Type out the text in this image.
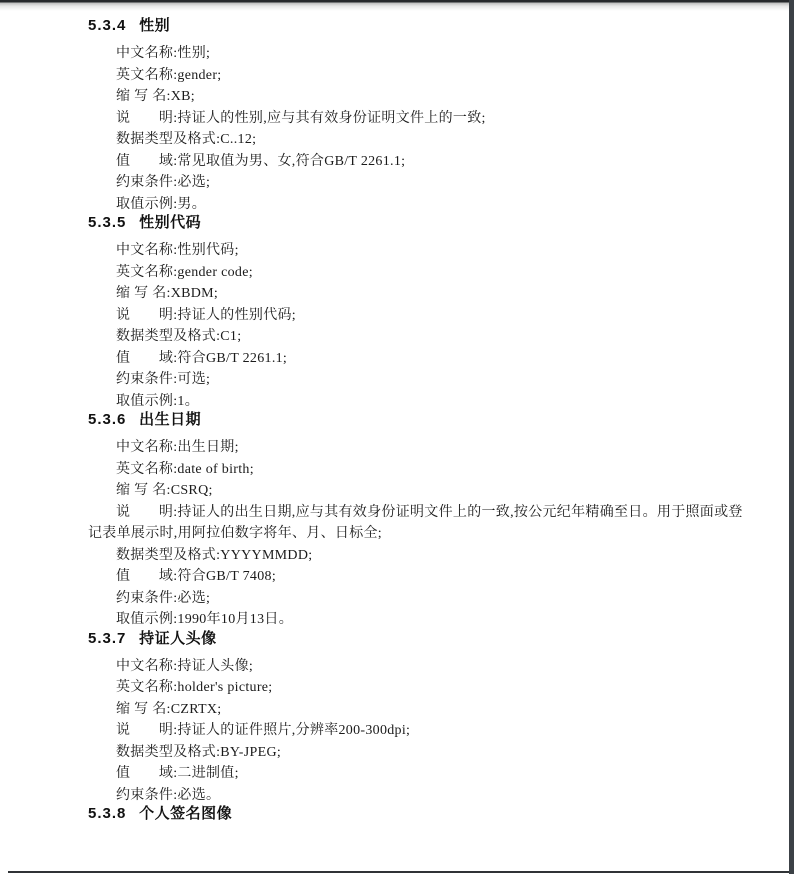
5.3.4 性别

中文名称:性别;

英文名称:gender;

缩 写 名:XB;

说　　明:持证人的性别,应与其有效身份证明文件上的一致;

数据类型及格式:C..12;

值　　域:常见取值为男、女,符合GB/T 2261.1;

约束条件:必选;

取值示例:男。

5.3.5 性别代码

中文名称:性别代码;

英文名称:gender code;

缩 写 名:XBDM;

说　　明:持证人的性别代码;

数据类型及格式:C1;

值　　域:符合GB/T 2261.1;

约束条件:可选;

取值示例:1。

5.3.6 出生日期

中文名称:出生日期;

英文名称:date of birth;

缩 写 名:CSRQ;

说　　明:持证人的出生日期,应与其有效身份证明文件上的一致,按公元纪年精确至日。用于照面或登记表单展示时,用阿拉伯数字将年、月、日标全;

数据类型及格式:YYYYMMDD;

值　　域:符合GB/T 7408;

约束条件:必选;

取值示例:1990年10月13日。

5.3.7 持证人头像

中文名称:持证人头像;

英文名称:holder's picture;

缩 写 名:CZRTX;

说　　明:持证人的证件照片,分辨率200-300dpi;

数据类型及格式:BY-JPEG;

值　　域:二进制值;

约束条件:必选。

5.3.8 个人签名图像
